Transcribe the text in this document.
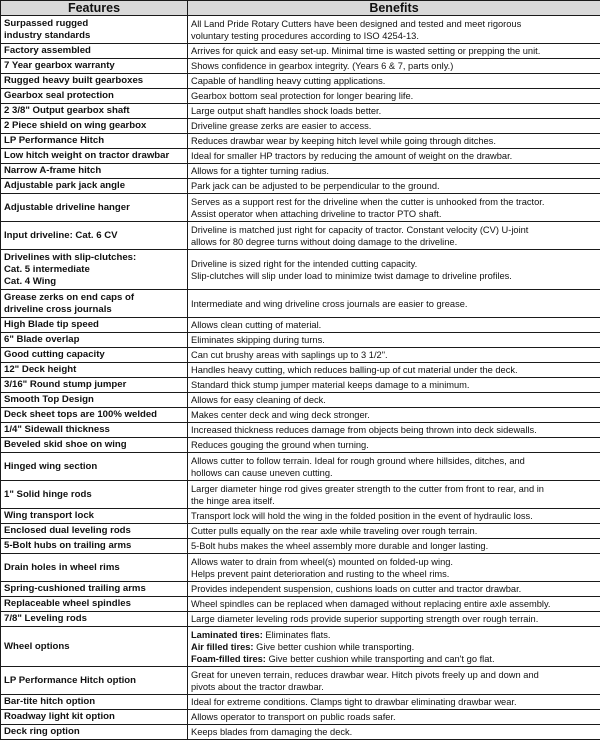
Features	Benefits
Surpassed rugged
industry standards	All Land Pride Rotary Cutters have been designed and tested and meet rigorous
voluntary testing procedures according to ISO 4254-13.

Factory assembled	Arrives for quick and easy set-up. Minimal time is wasted setting or prepping the unit.

7 Year gearbox warranty	Shows confidence in gearbox integrity. (Years 6 & 7, parts only.)

Rugged heavy built gearboxes	Capable of handling heavy cutting applications.

Gearbox seal protection	Gearbox bottom seal protection for longer bearing life.

2 3/8" Output gearbox shaft	Large output shaft handles shock loads better.

2 Piece shield on wing gearbox	Driveline grease zerks are easier to access.

LP Performance Hitch	Reduces drawbar wear by keeping hitch level while going through ditches.

Low hitch weight on tractor drawbar	Ideal for smaller HP tractors by reducing the amount of weight on the drawbar.

Narrow A-frame hitch	Allows for a tighter turning radius.

Adjustable park jack angle	Park jack can be adjusted to be perpendicular to the ground.

Adjustable driveline hanger	Serves as a support rest for the driveline when the cutter is unhooked from the tractor.
Assist operator when attaching driveline to tractor PTO shaft.

Input driveline: Cat. 6 CV	Driveline is matched just right for capacity of tractor. Constant velocity (CV) U-joint
allows for 80 degree turns without doing damage to the driveline.

Drivelines with slip-clutches:
Cat. 5 intermediate
Cat. 4 Wing	Driveline is sized right for the intended cutting capacity.
Slip-clutches will slip under load to minimize twist damage to driveline profiles.

Grease zerks on end caps of
driveline cross journals	Intermediate and wing driveline cross journals are easier to grease.

High Blade tip speed	Allows clean cutting of material.

6" Blade overlap	Eliminates skipping during turns.

Good cutting capacity	Can cut brushy areas with saplings up to 3 1/2".

12" Deck height	Handles heavy cutting, which reduces balling-up of cut material under the deck.

3/16" Round stump jumper	Standard thick stump jumper material keeps damage to a minimum.

Smooth Top Design	Allows for easy cleaning of deck.

Deck sheet tops are 100% welded	Makes center deck and wing deck stronger.

1/4" Sidewall thickness	Increased thickness reduces damage from objects being thrown into deck sidewalls.

Beveled skid shoe on wing	Reduces gouging the ground when turning.

Hinged wing section	Allows cutter to follow terrain. Ideal for rough ground where hillsides, ditches, and
hollows can cause uneven cutting.

1" Solid hinge rods	Larger diameter hinge rod gives greater strength to the cutter from front to rear, and in
the hinge area itself.

Wing transport lock	Transport lock will hold the wing in the folded position in the event of hydraulic loss.

Enclosed dual leveling rods	Cutter pulls equally on the rear axle while traveling over rough terrain.

5-Bolt hubs on trailing arms	5-Bolt hubs makes the wheel assembly more durable and longer lasting.

Drain holes in wheel rims	Allows water to drain from wheel(s) mounted on folded-up wing.
Helps prevent paint deterioration and rusting to the wheel rims.

Spring-cushioned trailing arms	Provides independent suspension, cushions loads on cutter and tractor drawbar.

Replaceable wheel spindles	Wheel spindles can be replaced when damaged without replacing entire axle assembly.

7/8" Leveling rods	Large diameter leveling rods provide superior supporting strength over rough terrain.

Wheel options	Laminated tires: Eliminates flats.
Air filled tires: Give better cushion while transporting.
Foam-filled tires: Give better cushion while transporting and can't go flat.

LP Performance Hitch option	Great for uneven terrain, reduces drawbar wear. Hitch pivots freely up and down and
pivots about the tractor drawbar.

Bar-tite hitch option	Ideal for extreme conditions. Clamps tight to drawbar eliminating drawbar wear.

Roadway light kit option	Allows operator to transport on public roads safer.

Deck ring option	Keeps blades from damaging the deck.
